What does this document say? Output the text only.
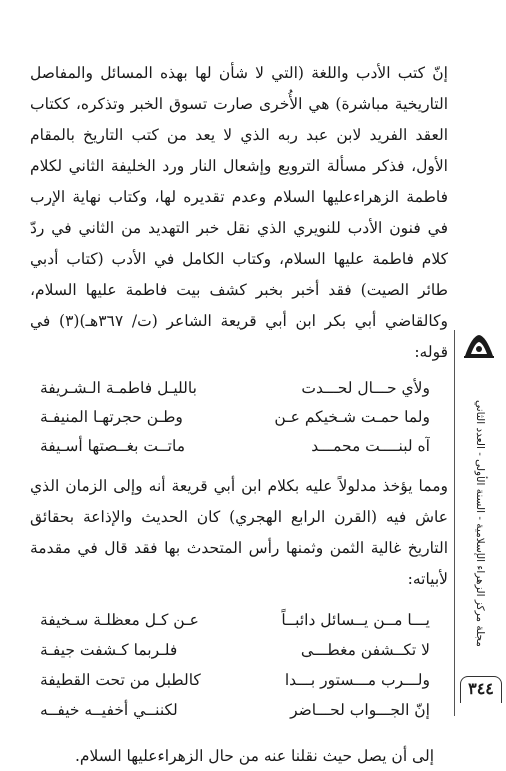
مجلة مركز الزهراء الإسلامية - السنة الأولى - العدد الثاني
٣٤٤

إنّ كتب الأدب واللغة (التي لا شأن لها بهذه المسائل والمفاصل التاريخية مباشرة) هي الأُخرى صارت تسوق الخبر وتذكره، ككتاب العقد الفريد لابن عبد ربه الذي لا يعد من كتب التاريخ بالمقام الأول، فذكر مسألة الترويع وإشعال النار ورد الخليفة الثاني لكلام فاطمة الزهراءعليها السلام وعدم تقديره لها، وكتاب نهاية الإرب في فنون الأدب للنويري الذي نقل خبر التهديد من الثاني في ردّ كلام فاطمة عليها السلام، وكتاب الكامل في الأدب (كتاب أدبي طائر الصيت) فقد أخبر بخبر كشف بيت فاطمة عليها السلام، وكالقاضي أبي بكر ابن أبي قريعة الشاعر (ت/ ٣٦٧هـ)(٣) في قوله:

ولأي حـــال لحـــدت
بالليـل فاطمـة الـشـريفة
ولما حمـت شـخيكم عـن
وطـن حجرتهـا المنيفـة
آه لبنــــت محمـــد
ماتــت بغــصتها أسـيفة

ومما يؤخذ مدلولاً عليه بكلام ابن أبي قريعة أنه وإلى الزمان الذي عاش فيه (القرن الرابع الهجري) كان الحديث والإذاعة بحقائق التاريخ غالية الثمن وثمنها رأس المتحدث بها فقد قال في مقدمة لأبياته:

يـــا مــن يــسائل دائبــاً
عـن كـل معظلـة سـخيفة
لا تكــشفن مغطـــى
فلـربما كـشفت جيفـة
ولـــرب مـــستور بـــدا
كالطبل من تحت القطيفة
إنّ الجـــواب لحـــاضر
لكننــي أخفيــه خيفــه

إلى أن يصل حيث نقلنا عنه من حال الزهراءعليها السلام.
